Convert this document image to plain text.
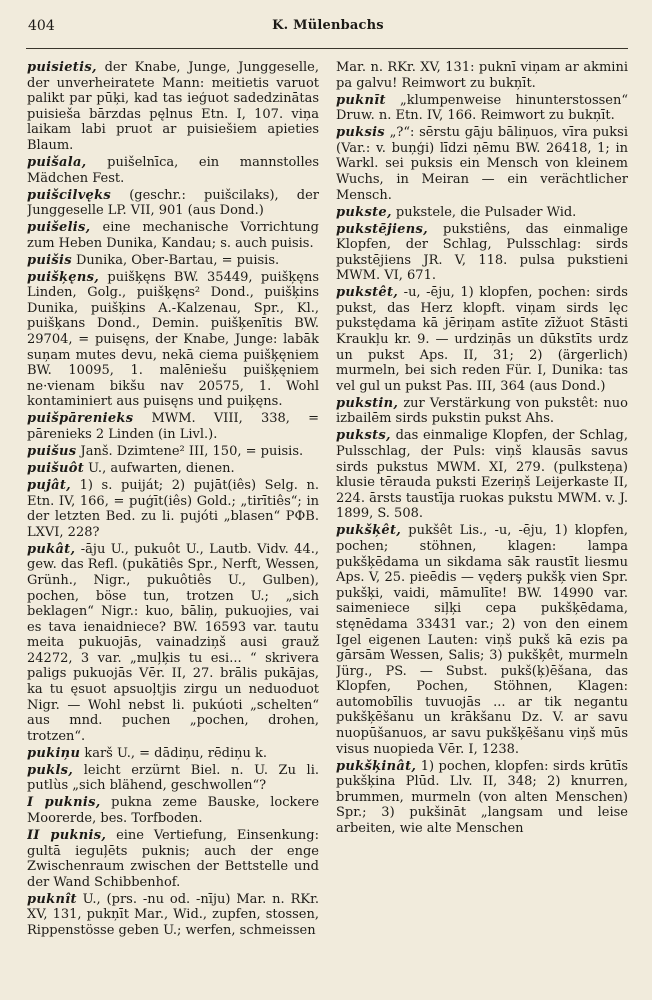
404	K. Mülenbachs

puisietis, der Knabe, Junge, Junggeselle, der unverheiratete Mann: meitietis varuot palikt par pūķi, kad tas ieģuot sadedzinātas puisieša bārzdas pęlnus Etn. I, 107. viņa laikam labi pruot ar puisiešiem apieties Blaum.

puišala, puišelnīca, ein mannstolles Mädchen Fest.

puišcilvęks (geschr.: puišcilaks), der Junggeselle LP. VII, 901 (aus Dond.)

puišelis, eine mechanische Vorrichtung zum Heben Dunika, Kandau; s. auch puisis.

puišis Dunika, Ober-Bartau, = puisis.

puišķęns, puišķęns BW. 35449, puišķęns Linden, Golg., puišķęns² Dond., puišķins Dunika, puišķins A.-Kalzenau, Spr., Kl., puišķans Dond., Demin. puišķenītis BW. 29704, = puisęns, der Knabe, Junge: labāk suņam mutes devu, nekā ciema puišķęniem BW. 10095, 1. malēniešu puišķęniem ne·vienam bikšu nav 20575, 1. Wohl kontaminiert aus puisęns und puiķęns.

puišpārenieks MWM. VIII, 338, = pārenieks 2 Linden (in Livl.).

puišus Janš. Dzimtene² III, 150, = puisis.

puišuôt U., aufwarten, dienen.

pujât, 1) s. puiját; 2) pujāt(iês) Selg. n. Etn. IV, 166, = puģīt(iês) Gold.; „tirītiês“; in der letzten Bed. zu li. pujóti „blasen“ PФВ. LXVI, 228?

pukât, -āju U., pukuôt U., Lautb. Vidv. 44., gew. das Refl. (pukātiês Spr., Nerft, Wessen, Grünh., Nigr., pukuôtiês U., Gulben), pochen, böse tun, trotzen U.; „sich beklagen“ Nigr.: kuo, bāliņ, pukuojies, vai es tava ienaidniece? BW. 16593 var. tautu meita pukuojās, vainadziņš ausi grauž 24272, 3 var. „muļķis tu esi... “ skrivera paligs pukuojās Vēr. II, 27. brālis pukājas, ka tu ęsuot apsuoļtjis zirgu un neduoduot Nigr. — Wohl nebst li. pukúoti „schelten“ aus mnd. puchen „pochen, drohen, trotzen“.

pukiņu karš U., = dādiņu, rēdiņu k.

pukls, leicht erzürnt Biel. n. U. Zu li. putlùs „sich blähend, geschwollen“?

I puknis, pukna zeme Bauske, lockere Moorerde, bes. Torfboden.

II puknis, eine Vertiefung, Einsenkung: gultā ieguļēts puknis; auch der enge Zwischenraum zwischen der Bettstelle und der Wand Schibbenhof.

puknît U., (prs. -nu od. -nīju) Mar. n. RKr. XV, 131, pukņīt Mar., Wid., zupfen, stossen, Rippenstösse geben U.; werfen, schmeissen

Mar. n. RKr. XV, 131: puknī viņam ar akmini pa galvu! Reimwort zu bukņīt.

puknīt „klumpenweise hinunterstossen“ Druw. n. Etn. IV, 166. Reimwort zu bukņīt.

puksis „?“: sērstu gāju bāliņuos, vīra puksi (Var.: v. buņģi) līdzi ņēmu BW. 26418, 1; in Warkl. sei puksis ein Mensch von kleinem Wuchs, in Meiran — ein verächtlicher Mensch.

pukste, pukstele, die Pulsader Wid.

pukstējiens, pukstiêns, das einmalige Klopfen, der Schlag, Pulsschlag: sirds pukstējiens JR. V, 118. pulsa pukstieni MWM. VI, 671.

pukstêt, -u, -ēju, 1) klopfen, pochen: sirds pukst, das Herz klopft. viņam sirds lęc pukstędama kā jēriņam astīte zīžuot Stāsti Kraukļu kr. 9. — urdziņās un dūkstīts urdz un pukst Aps. II, 31; 2) (ärgerlich) murmeln, bei sich reden Für. I, Dunika: tas vel gul un pukst Pas. III, 364 (aus Dond.)

pukstin, zur Verstärkung von pukstêt: nuo izbailēm sirds pukstin pukst Ahs.

puksts, das einmalige Klopfen, der Schlag, Pulsschlag, der Puls: viņš klausās savus sirds pukstus MWM. XI, 279. (pulksteņa) klusie tērauda puksti Ezeriņš Leijerkaste II, 224. ārsts taustīja ruokas pukstu MWM. v. J. 1899, S. 508.

pukšķêt, pukšêt Lis., -u, -ēju, 1) klopfen, pochen; stöhnen, klagen: lampa pukšķēdama un sikdama sāk raustīt liesmu Aps. V, 25. pieēdis — vęderş pukšķ vien Spr. pukšķi, vaidi, māmulīte! BW. 14990 var. saimeniece siļķi cepa pukšķēdama, stęnēdama 33431 var.; 2) von den einem Igel eigenen Lauten: viņš pukš kā ezis pa gārsām Wessen, Salis; 3) pukšķêt, murmeln Jürg., PS. — Subst. pukš(ķ)ēšana, das Klopfen, Pochen, Stöhnen, Klagen: automobīlis tuvuojās ... ar tik negantu pukšķēšanu un krākšanu Dz. V. ar savu nuopūšanuos, ar savu pukšķēšanu viņš mūs visus nuopieda Vēr. I, 1238.

pukšķinât, 1) pochen, klopfen: sirds krūtīs pukšķina Plūd. Llv. II, 348; 2) knurren, brummen, murmeln (von alten Menschen) Spr.; 3) pukšināt „langsam und leise arbeiten, wie alte Menschen
